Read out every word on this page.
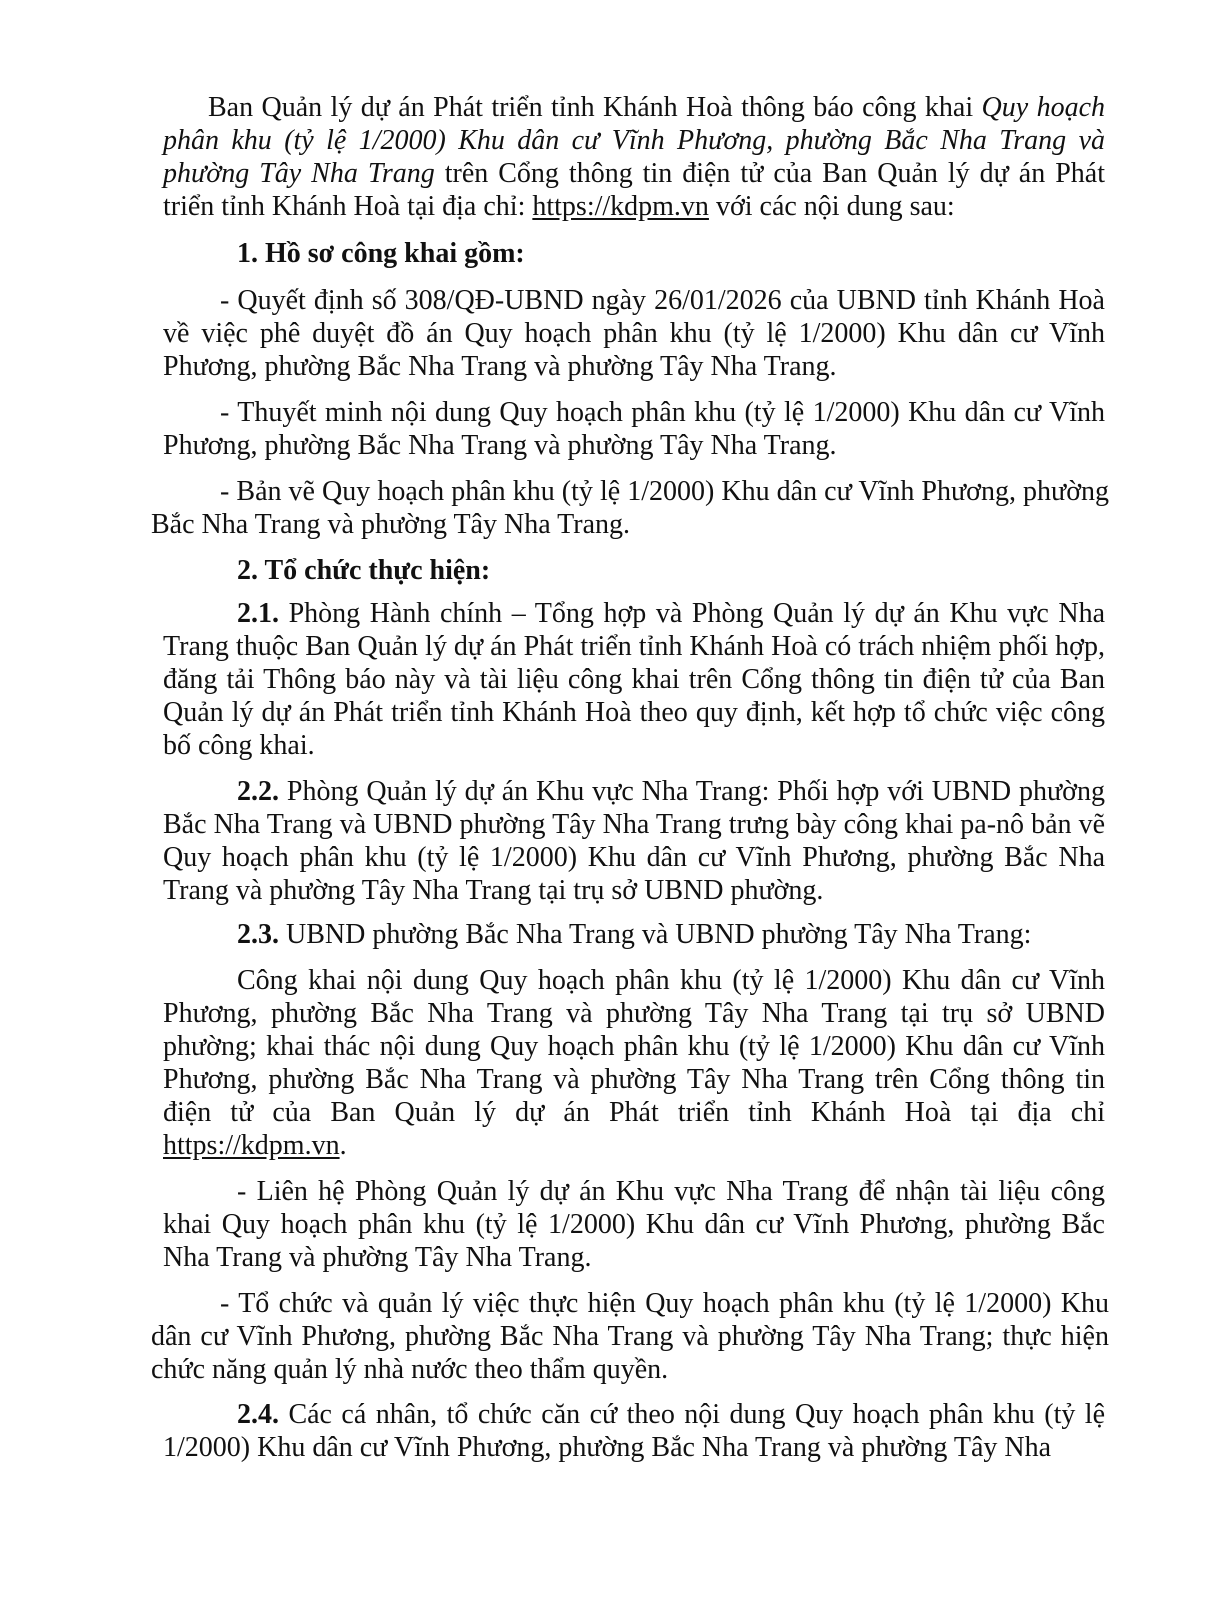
Ban Quản lý dự án Phát triển tỉnh Khánh Hoà thông báo công khai Quy hoạch phân khu (tỷ lệ 1/2000) Khu dân cư Vĩnh Phương, phường Bắc Nha Trang và phường Tây Nha Trang trên Cổng thông tin điện tử của Ban Quản lý dự án Phát triển tỉnh Khánh Hoà tại địa chỉ: https://kdpm.vn với các nội dung sau:

1. Hồ sơ công khai gồm:

- Quyết định số 308/QĐ-UBND ngày 26/01/2026 của UBND tỉnh Khánh Hoà về việc phê duyệt đồ án Quy hoạch phân khu (tỷ lệ 1/2000) Khu dân cư Vĩnh Phương, phường Bắc Nha Trang và phường Tây Nha Trang.

- Thuyết minh nội dung Quy hoạch phân khu (tỷ lệ 1/2000) Khu dân cư Vĩnh Phương, phường Bắc Nha Trang và phường Tây Nha Trang.

- Bản vẽ Quy hoạch phân khu (tỷ lệ 1/2000) Khu dân cư Vĩnh Phương, phường Bắc Nha Trang và phường Tây Nha Trang.

2. Tổ chức thực hiện:

2.1. Phòng Hành chính – Tổng hợp và Phòng Quản lý dự án Khu vực Nha Trang thuộc Ban Quản lý dự án Phát triển tỉnh Khánh Hoà có trách nhiệm phối hợp, đăng tải Thông báo này và tài liệu công khai trên Cổng thông tin điện tử của Ban Quản lý dự án Phát triển tỉnh Khánh Hoà theo quy định, kết hợp tổ chức việc công bố công khai.

2.2. Phòng Quản lý dự án Khu vực Nha Trang: Phối hợp với UBND phường Bắc Nha Trang và UBND phường Tây Nha Trang trưng bày công khai pa-nô bản vẽ Quy hoạch phân khu (tỷ lệ 1/2000) Khu dân cư Vĩnh Phương, phường Bắc Nha Trang và phường Tây Nha Trang tại trụ sở UBND phường.

2.3. UBND phường Bắc Nha Trang và UBND phường Tây Nha Trang:

Công khai nội dung Quy hoạch phân khu (tỷ lệ 1/2000) Khu dân cư Vĩnh Phương, phường Bắc Nha Trang và phường Tây Nha Trang tại trụ sở UBND phường; khai thác nội dung Quy hoạch phân khu (tỷ lệ 1/2000) Khu dân cư Vĩnh Phương, phường Bắc Nha Trang và phường Tây Nha Trang trên Cổng thông tin điện tử của Ban Quản lý dự án Phát triển tỉnh Khánh Hoà tại địa chỉ https://kdpm.vn.

- Liên hệ Phòng Quản lý dự án Khu vực Nha Trang để nhận tài liệu công khai Quy hoạch phân khu (tỷ lệ 1/2000) Khu dân cư Vĩnh Phương, phường Bắc Nha Trang và phường Tây Nha Trang.

- Tổ chức và quản lý việc thực hiện Quy hoạch phân khu (tỷ lệ 1/2000) Khu dân cư Vĩnh Phương, phường Bắc Nha Trang và phường Tây Nha Trang; thực hiện chức năng quản lý nhà nước theo thẩm quyền.

2.4. Các cá nhân, tổ chức căn cứ theo nội dung Quy hoạch phân khu (tỷ lệ 1/2000) Khu dân cư Vĩnh Phương, phường Bắc Nha Trang và phường Tây Nha
